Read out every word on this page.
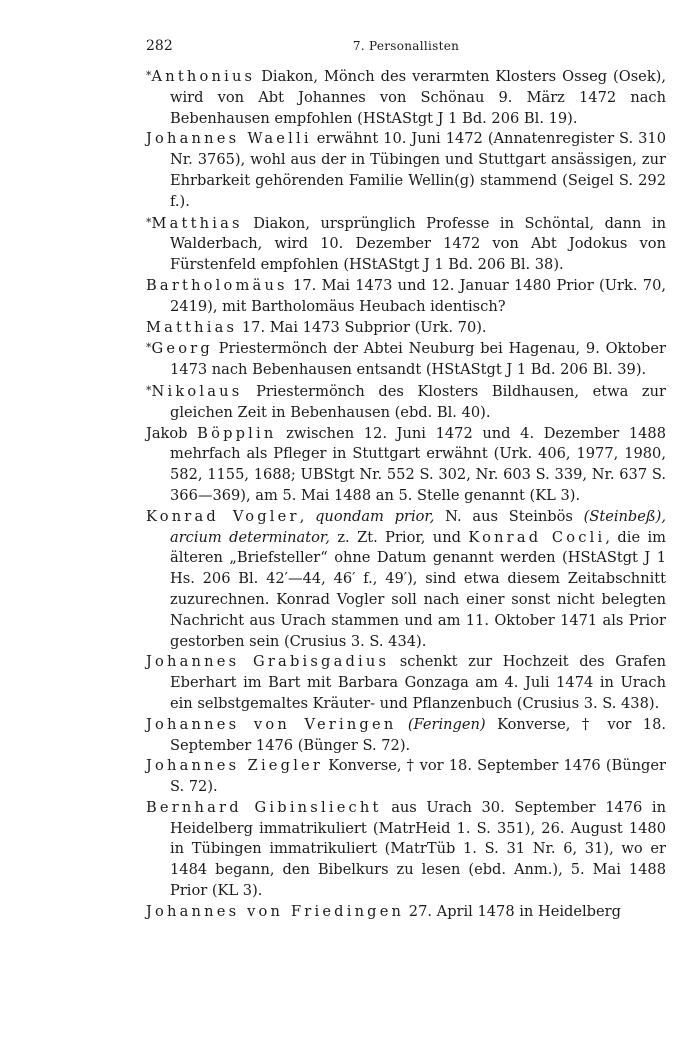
282	7. Personallisten

*Anthonius Diakon, Mönch des verarmten Klosters Osseg (Osek), wird von Abt Johannes von Schönau 9. März 1472 nach Bebenhausen empfohlen (HStAStgt J 1 Bd. 206 Bl. 19).

Johannes Waelli erwähnt 10. Juni 1472 (Annatenregister S. 310 Nr. 3765), wohl aus der in Tübingen und Stuttgart ansässigen, zur Ehrbarkeit gehörenden Familie Wellin(g) stammend (Seigel S. 292 f.).

*Matthias Diakon, ursprünglich Professe in Schöntal, dann in Walderbach, wird 10. Dezember 1472 von Abt Jodokus von Fürstenfeld empfohlen (HStAStgt J 1 Bd. 206 Bl. 38).

Bartholomäus 17. Mai 1473 und 12. Januar 1480 Prior (Urk. 70, 2419), mit Bartholomäus Heubach identisch?

Matthias 17. Mai 1473 Subprior (Urk. 70).

*Georg Priestermönch der Abtei Neuburg bei Hagenau, 9. Oktober 1473 nach Bebenhausen entsandt (HStAStgt J 1 Bd. 206 Bl. 39).

*Nikolaus Priestermönch des Klosters Bildhausen, etwa zur gleichen Zeit in Bebenhausen (ebd. Bl. 40).

Jakob Böpplin zwischen 12. Juni 1472 und 4. Dezember 1488 mehrfach als Pfleger in Stuttgart erwähnt (Urk. 406, 1977, 1980, 582, 1155, 1688; UBStgt Nr. 552 S. 302, Nr. 603 S. 339, Nr. 637 S. 366—369), am 5. Mai 1488 an 5. Stelle genannt (KL 3).

Konrad Vogler, quondam prior, N. aus Steinbös (Steinbeß), arcium determinator, z. Zt. Prior, und Konrad Cocli, die im älteren „Briefsteller“ ohne Datum genannt werden (HStAStgt J 1 Hs. 206 Bl. 42′—44, 46′ f., 49′), sind etwa diesem Zeitabschnitt zuzurechnen. Konrad Vogler soll nach einer sonst nicht belegten Nachricht aus Urach stammen und am 11. Oktober 1471 als Prior gestorben sein (Crusius 3. S. 434).

Johannes Grabisgadius schenkt zur Hochzeit des Grafen Eberhart im Bart mit Barbara Gonzaga am 4. Juli 1474 in Urach ein selbstgemaltes Kräuter- und Pflanzenbuch (Crusius 3. S. 438).

Johannes von Veringen (Feringen) Konverse, † vor 18. September 1476 (Bünger S. 72).

Johannes Ziegler Konverse, † vor 18. September 1476 (Bünger S. 72).

Bernhard Gibinsliecht aus Urach 30. September 1476 in Heidelberg immatrikuliert (MatrHeid 1. S. 351), 26. August 1480 in Tübingen immatrikuliert (MatrTüb 1. S. 31 Nr. 6, 31), wo er 1484 begann, den Bibelkurs zu lesen (ebd. Anm.), 5. Mai 1488 Prior (KL 3).

Johannes von Friedingen 27. April 1478 in Heidelberg
